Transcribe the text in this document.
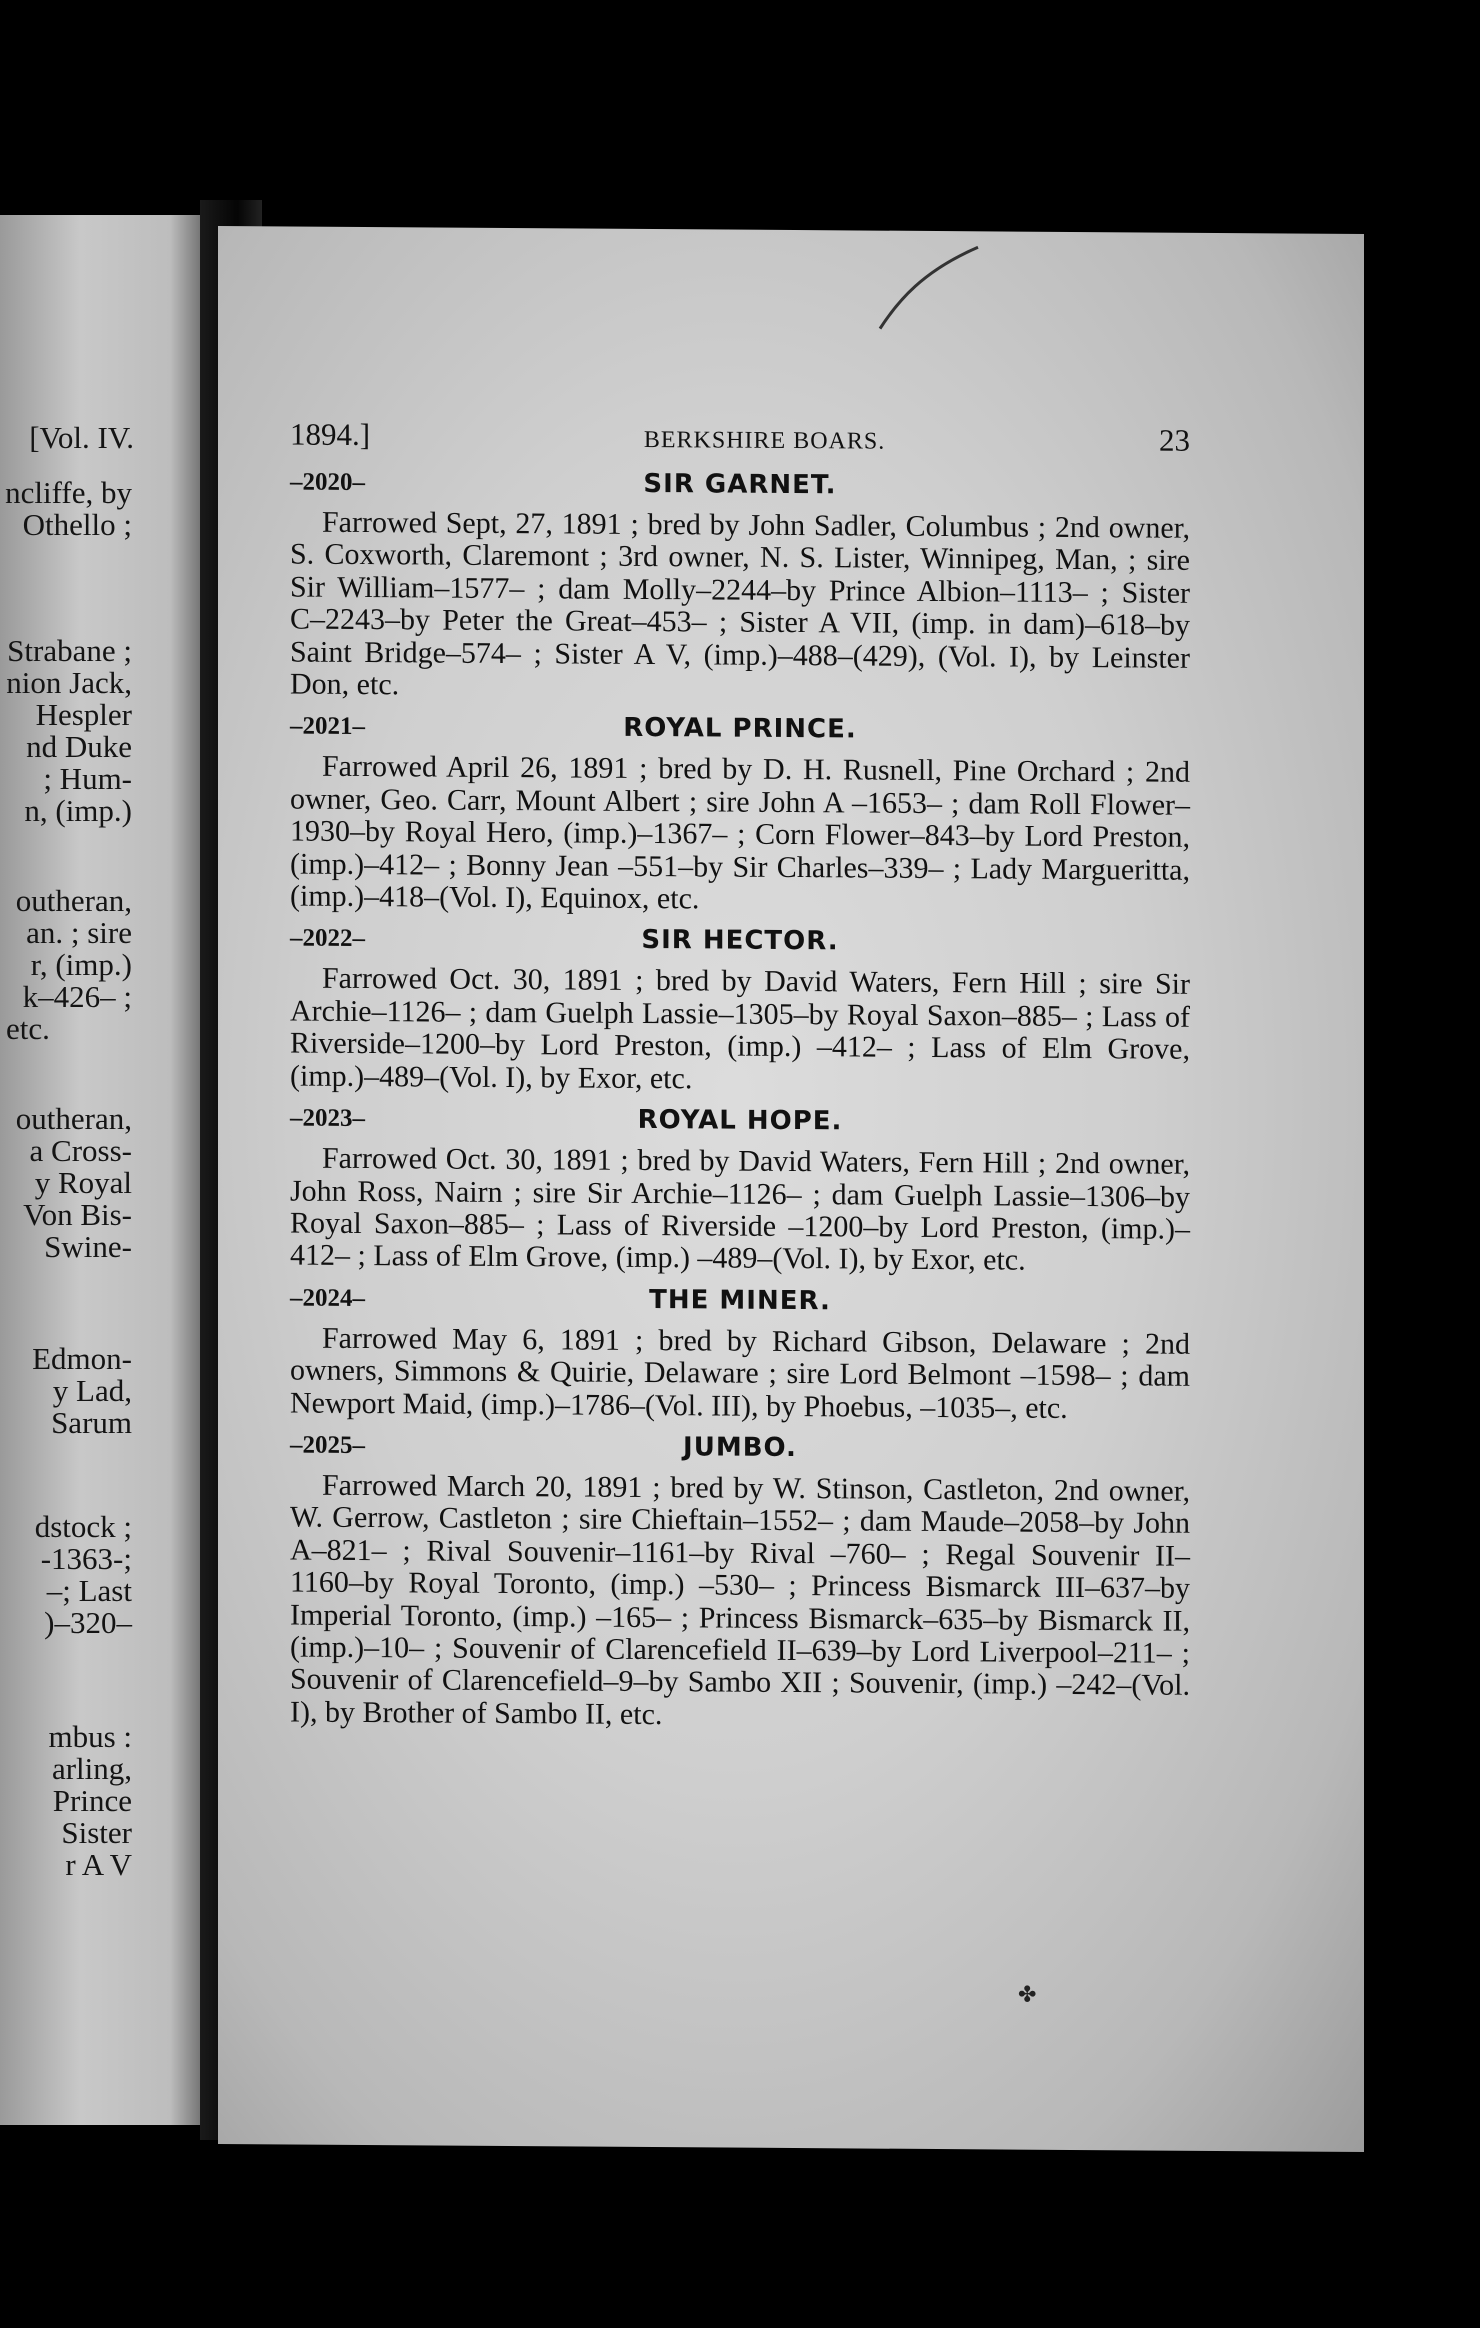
[Vol. IV.
ncliffe, by
Othello ;
Strabane ;
nion Jack,
Hespler
nd Duke
; Hum-
n, (imp.)
outheran,
an. ; sire
r, (imp.)
k–426– ;
etc.
outheran,
a Cross-
y Royal
Von Bis-
Swine-
Edmon-
y Lad,
Sarum
dstock ;
-1363-;
–; Last
)–320–
mbus :
arling,
Prince
Sister
r A V
1894.]	BERKSHIRE BOARS.	23
–2020–	SIR GARNET.

Farrowed Sept, 27, 1891 ; bred by John Sadler, Columbus ; 2nd owner, S. Coxworth, Claremont ; 3rd owner, N. S. Lister, Winnipeg, Man, ; sire Sir William–1577– ; dam Molly–2244–by Prince Albion–1113– ; Sister C–2243–by Peter the Great–453– ; Sister A VII, (imp. in dam)–618–by Saint Bridge–574– ; Sister A V, (imp.)–488–(429), (Vol. I), by Leinster Don, etc.

–2021–	ROYAL PRINCE.

Farrowed April 26, 1891 ; bred by D. H. Rusnell, Pine Orchard ; 2nd owner, Geo. Carr, Mount Albert ; sire John A –1653– ; dam Roll Flower–1930–by Royal Hero, (imp.)–1367– ; Corn Flower–843–by Lord Preston, (imp.)–412– ; Bonny Jean –551–by Sir Charles–339– ; Lady Margueritta, (imp.)–418–(Vol. I), Equinox, etc.

–2022–	SIR HECTOR.

Farrowed Oct. 30, 1891 ; bred by David Waters, Fern Hill ; sire Sir Archie–1126– ; dam Guelph Lassie–1305–by Royal Saxon–885– ; Lass of Riverside–1200–by Lord Preston, (imp.) –412– ; Lass of Elm Grove, (imp.)–489–(Vol. I), by Exor, etc.

–2023–	ROYAL HOPE.

Farrowed Oct. 30, 1891 ; bred by David Waters, Fern Hill ; 2nd owner, John Ross, Nairn ; sire Sir Archie–1126– ; dam Guelph Lassie–1306–by Royal Saxon–885– ; Lass of Riverside –1200–by Lord Preston, (imp.)–412– ; Lass of Elm Grove, (imp.) –489–(Vol. I), by Exor, etc.

–2024–	THE MINER.

Farrowed May 6, 1891 ; bred by Richard Gibson, Delaware ; 2nd owners, Simmons & Quirie, Delaware ; sire Lord Belmont –1598– ; dam Newport Maid, (imp.)–1786–(Vol. III), by Phoebus, –1035–, etc.

–2025–	JUMBO.

Farrowed March 20, 1891 ; bred by W. Stinson, Castleton, 2nd owner, W. Gerrow, Castleton ; sire Chieftain–1552– ; dam Maude–2058–by John A–821– ; Rival Souvenir–1161–by Rival –760– ; Regal Souvenir II–1160–by Royal Toronto, (imp.) –530– ; Princess Bismarck III–637–by Imperial Toronto, (imp.) –165– ; Princess Bismarck–635–by Bismarck II, (imp.)–10– ; Souvenir of Clarencefield II–639–by Lord Liverpool–211– ; Souvenir of Clarencefield–9–by Sambo XII ; Souvenir, (imp.) –242–(Vol. I), by Brother of Sambo II, etc.

✤
